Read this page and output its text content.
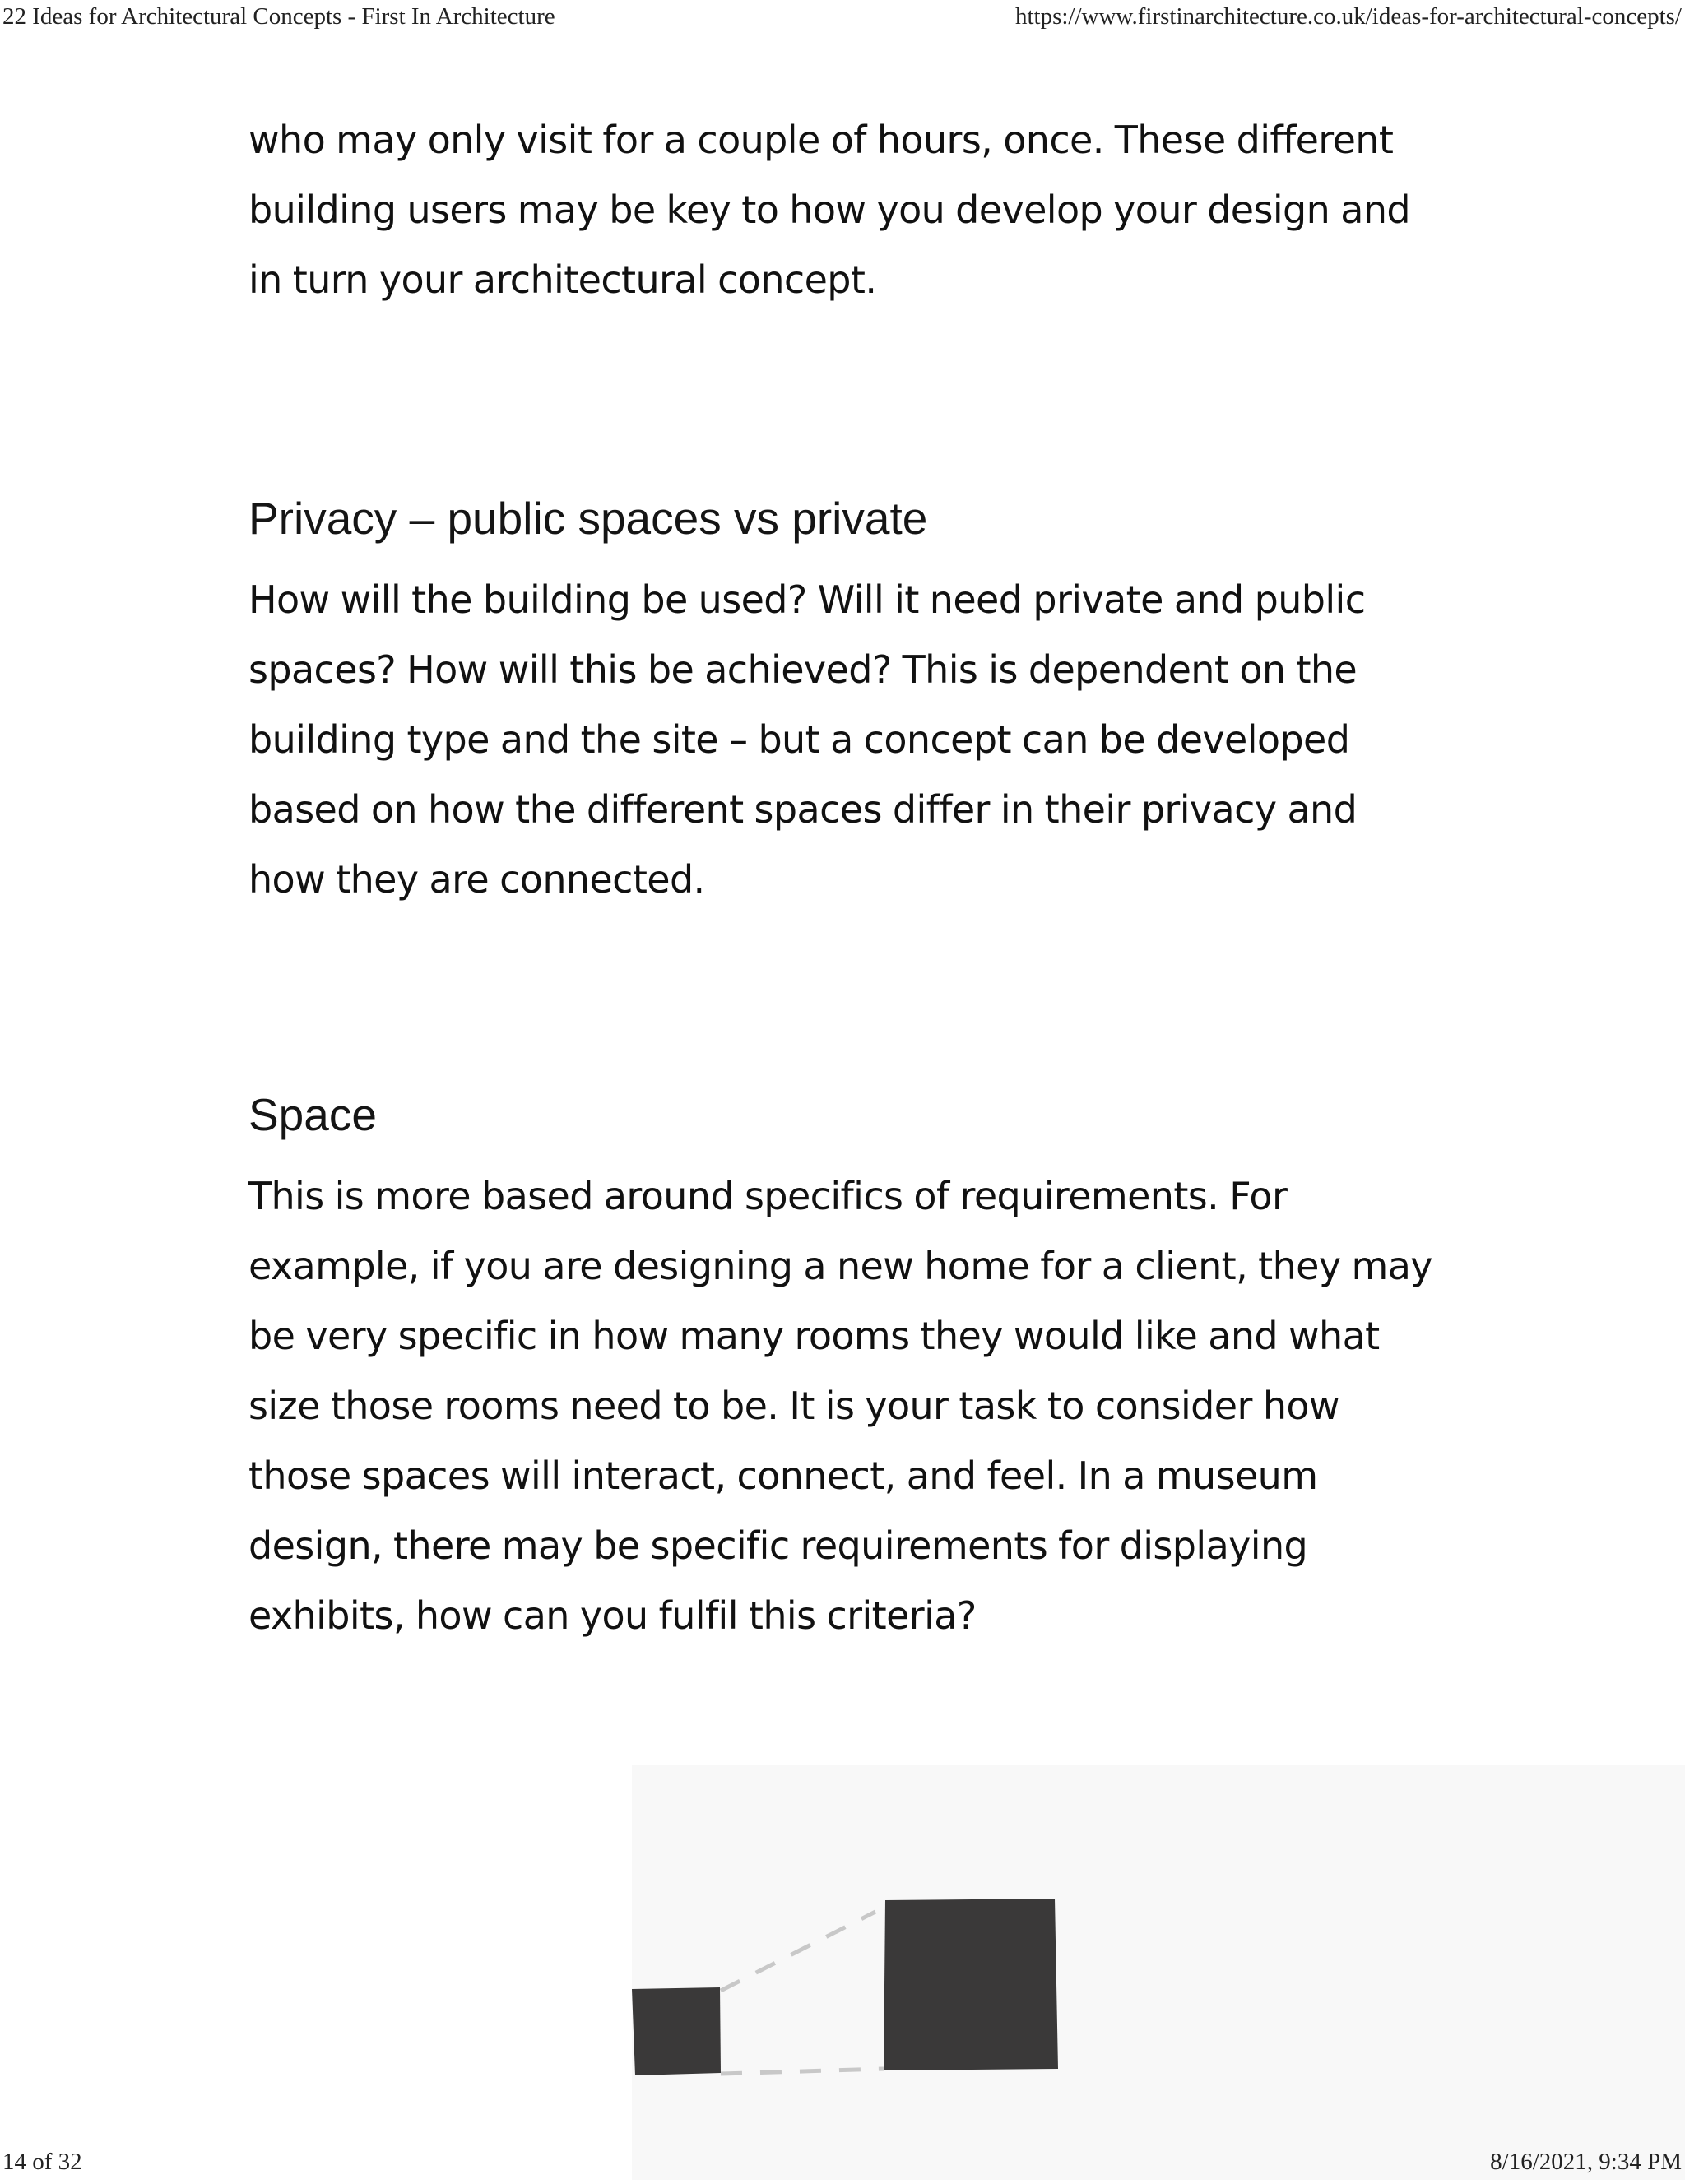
22 Ideas for Architectural Concepts - First In Architecture	https://www.firstinarchitecture.co.uk/ideas-for-architectural-concepts/

who may only visit for a couple of hours, once. These different building users may be key to how you develop your design and in turn your architectural concept.

Privacy – public spaces vs private

How will the building be used? Will it need private and public spaces? How will this be achieved? This is dependent on the building type and the site – but a concept can be developed based on how the different spaces differ in their privacy and how they are connected.

Space

This is more based around specifics of requirements. For example, if you are designing a new home for a client, they may be very specific in how many rooms they would like and what size those rooms need to be. It is your task to consider how those spaces will interact, connect, and feel. In a museum design, there may be specific requirements for displaying exhibits, how can you fulfil this criteria?

14 of 32	8/16/2021, 9:34 PM
